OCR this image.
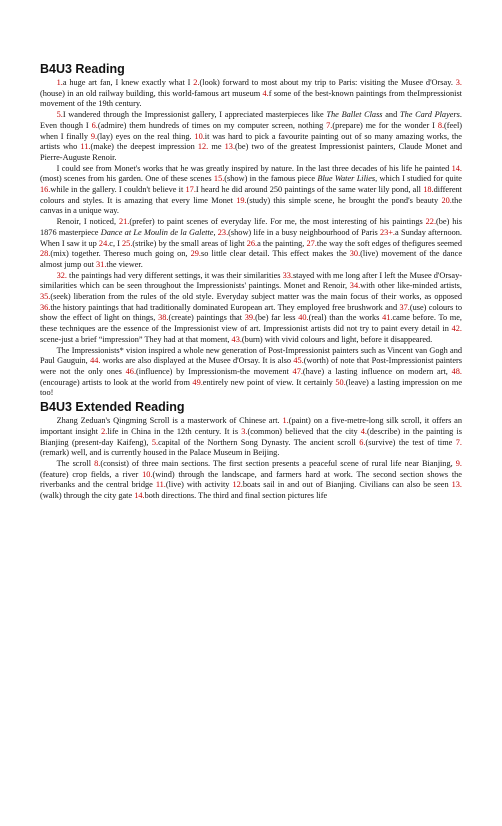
B4U3 Reading

1.a huge art fan, I knew exactly what I 2.(look) forward to most about my trip to Paris: visiting the Musee d'Orsay. 3.(house) in an old railway building, this world-famous art museum 4.f some of the best-known paintings from theImpressionist movement of the 19th century.

5.I wandered through the Impressionist gallery, I appreciated masterpieces like The Ballet Class and The Card Players. Even though I 6.(admire) them hundreds of times on my computer screen, nothing 7.(prepare) me for the wonder I 8.(feel) when I finally 9.(lay) eyes on the real thing. 10.it was hard to pick a favourite painting out of so many amazing works, the artists who 11.(make) the deepest impression 12. me 13.(be) two of the greatest Impressionist painters, Claude Monet and Pierre-Auguste Renoir.

I could see from Monet's works that he was greatly inspired by nature. In the last three decades of his life he painted 14.(most) scenes from his garden. One of these scenes 15.(show) in the famous piece Blue Water Lilies, which I studied for quite 16.while in the gallery. I couldn't believe it 17.I heard he did around 250 paintings of the same water lily pond, all 18.different colours and styles. It is amazing that every lime Monet 19.(study) this simple scene, he brought the pond's beauty 20.the canvas in a unique way.

Renoir, I noticed, 21.(prefer) to paint scenes of everyday life. For me, the most interesting of his paintings 22.(be) his 1876 masterpiece Dance at Le Moulin de la Galette, 23.(show) life in a busy neighbourhood of Paris 23+.a Sunday afternoon. When I saw it up 24.c, I 25.(strike) by the small areas of light 26.a the painting, 27.the way the soft edges of thefigures seemed 28.(mix) together. Thereso much going on, 29.so little clear detail. This effect makes the 30.(live) movement of the dance almost jump out 31.the viewer.

32. the paintings had very different settings, it was their similarities 33.stayed with me long after I left the Musee d'Orsay-similarities which can be seen throughout the Impressionists' paintings. Monet and Renoir, 34.with other like-minded artists, 35.(seek) liberation from the rules of the old style. Everyday subject matter was the main focus of their works, as opposed 36.the history paintings that had traditionally dominated European art. They employed free brushwork and 37.(use) colours to show the effect of light on things, 38.(create) paintings that 39.(be) far less 40.(real) than the works 41.came before. To me, these techniques are the essence of the Impressionist view of art. Impressionist artists did not try to paint every detail in 42. scene-just a brief “impression” They had at that moment, 43.(burn) with vivid colours and light, before it disappeared.

The Impressionists* vision inspired a whole new generation of Post-Impressionist painters such as Vincent van Gogh and Paul Gauguin, 44. works are also displayed at the Musee d'Orsay. It is also 45.(worth) of note that Post-Impressionist painters were not the only ones 46.(influence) by Impressionism-the movement 47.(have) a lasting influence on modern art, 48.(encourage) artists to look at the world from 49.entirely new point of view. It certainly 50.(leave) a lasting impression on me too!

B4U3 Extended Reading

Zhang Zeduan's Qingming Scroll is a masterwork of Chinese art. 1.(paint) on a five-metre-long silk scroll, it offers an important insight 2.life in China in the 12th century. It is 3.(common) believed that the city 4.(describe) in the painting is Bianjing (present-day Kaifeng), 5.capital of the Northern Song Dynasty. The ancient scroll 6.(survive) the test of time 7.(remark) well, and is currently housed in the Palace Museum in Beijing.

The scroll 8.(consist) of three main sections. The first section presents a peaceful scene of rural life near Bianjing, 9.(feature) crop fields, a river 10.(wind) through the landscape, and farmers hard at work. The second section shows the riverbanks and the central bridge 11.(live) with activity 12.boats sail in and out of Bianjing. Civilians can also be seen 13.(walk) through the city gate 14.both directions. The third and final section pictures life
